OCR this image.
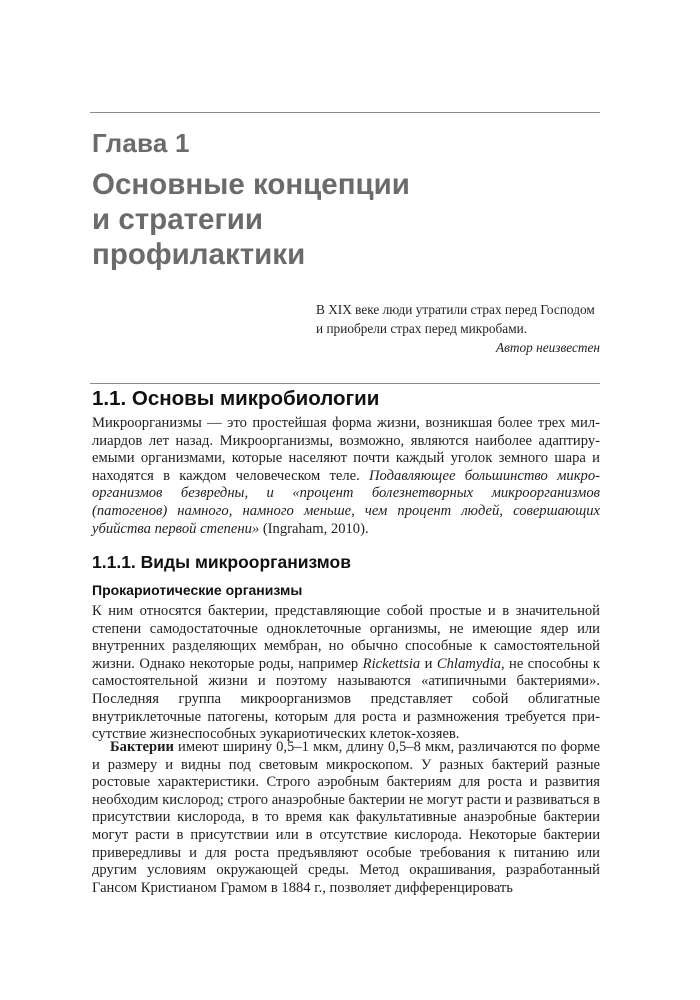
Глава 1
Основные концепции
и стратегии
профилактики
В XIX веке люди утратили страх перед Господом
и приобрели страх перед микробами.
Автор неизвестен
1.1. Основы микробиологии

Микроорганизмы — это простейшая форма жизни, возникшая более трех миллиардов лет назад. Микроорганизмы, возможно, являются наиболее адаптируемыми организмами, которые населяют почти каждый уголок земного шара и находятся в каждом человеческом теле. Подавляющее большинство микроорганизмов безвредны, и «процент болезнетворных микроорганизмов (патогенов) намного, намного меньше, чем процент людей, совершающих убийства первой степени» (Ingraham, 2010).

1.1.1. Виды микроорганизмов
Прокариотические организмы

К ним относятся бактерии, представляющие собой простые и в значительной степени самодостаточные одноклеточные организмы, не имеющие ядер или внутренних разделяющих мембран, но обычно способные к самостоятельной жизни. Однако некоторые роды, например Rickettsia и Chlamydia, не способны к самостоятельной жизни и поэтому называются «атипичными бактериями». Последняя группа микроорганизмов представляет собой облигатные внутриклеточные патогены, которым для роста и размножения требуется присутствие жизнеспособных эукариотических клеток-хозяев.

Бактерии имеют ширину 0,5–1 мкм, длину 0,5–8 мкм, различаются по форме и размеру и видны под световым микроскопом. У разных бактерий разные ростовые характеристики. Строго аэробным бактериям для роста и развития необходим кислород; строго анаэробные бактерии не могут расти и развиваться в присутствии кислорода, в то время как факультативные анаэробные бактерии могут расти в присутствии или в отсутствие кислорода. Некоторые бактерии привередливы и для роста предъявляют особые требования к питанию или другим условиям окружающей среды. Метод окрашивания, разработанный Гансом Кристианом Грамом в 1884 г., позволяет дифференцировать
